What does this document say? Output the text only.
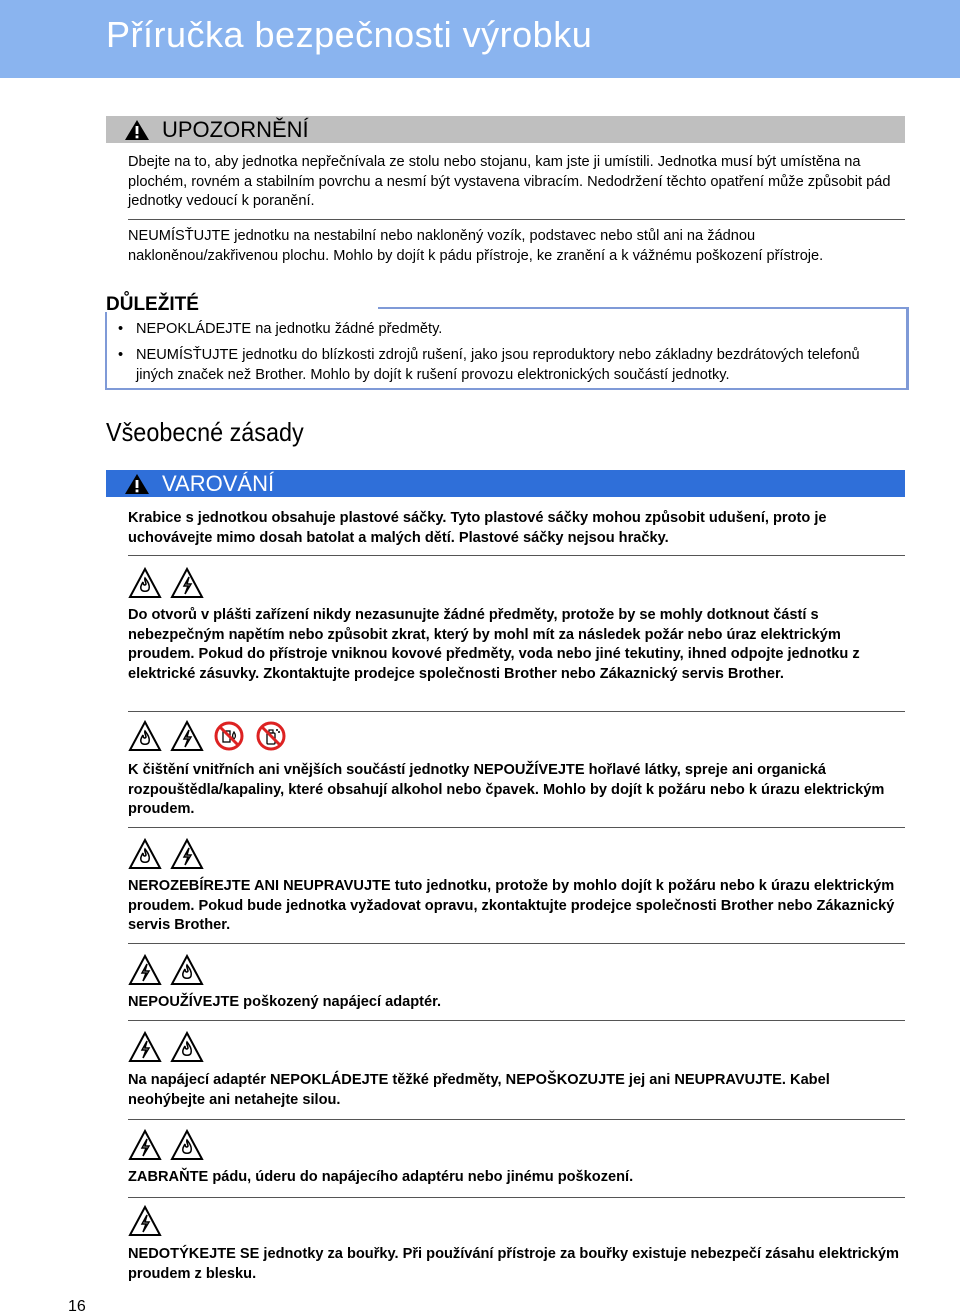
Příručka bezpečnosti výrobku
UPOZORNĚNÍ

Dbejte na to, aby jednotka nepřečnívala ze stolu nebo stojanu, kam jste ji umístili. Jednotka musí být umístěna na plochém, rovném a stabilním povrchu a nesmí být vystavena vibracím. Nedodržení těchto opatření může způsobit pád jednotky vedoucí k poranění.

NEUMÍSŤUJTE jednotku na nestabilní nebo nakloněný vozík, podstavec nebo stůl ani na žádnou nakloněnou/zakřivenou plochu. Mohlo by dojít k pádu přístroje, ke zranění a k vážnému poškození přístroje.

DŮLEŽITÉ
• NEPOKLÁDEJTE na jednotku žádné předměty.

• NEUMÍSŤUJTE jednotku do blízkosti zdrojů rušení, jako jsou reproduktory nebo základny bezdrátových telefonů jiných značek než Brother. Mohlo by dojít k rušení provozu elektronických součástí jednotky.

Všeobecné zásady
VAROVÁNÍ

Krabice s jednotkou obsahuje plastové sáčky. Tyto plastové sáčky mohou způsobit udušení, proto je uchovávejte mimo dosah batolat a malých dětí. Plastové sáčky nejsou hračky.

Do otvorů v plášti zařízení nikdy nezasunujte žádné předměty, protože by se mohly dotknout částí s nebezpečným napětím nebo způsobit zkrat, který by mohl mít za následek požár nebo úraz elektrickým proudem. Pokud do přístroje vniknou kovové předměty, voda nebo jiné tekutiny, ihned odpojte jednotku z elektrické zásuvky. Zkontaktujte prodejce společnosti Brother nebo Zákaznický servis Brother.

K čištění vnitřních ani vnějších součástí jednotky NEPOUŽÍVEJTE hořlavé látky, spreje ani organická rozpouštědla/kapaliny, které obsahují alkohol nebo čpavek. Mohlo by dojít k požáru nebo k úrazu elektrickým proudem.

NEROZEBÍREJTE ANI NEUPRAVUJTE tuto jednotku, protože by mohlo dojít k požáru nebo k úrazu elektrickým proudem. Pokud bude jednotka vyžadovat opravu, zkontaktujte prodejce společnosti Brother nebo Zákaznický servis Brother.

NEPOUŽÍVEJTE poškozený napájecí adaptér.

Na napájecí adaptér NEPOKLÁDEJTE těžké předměty, NEPOŠKOZUJTE jej ani NEUPRAVUJTE. Kabel neohýbejte ani netahejte silou.

ZABRAŇTE pádu, úderu do napájecího adaptéru nebo jinému poškození.

NEDOTÝKEJTE SE jednotky za bouřky. Při používání přístroje za bouřky existuje nebezpečí zásahu elektrickým proudem z blesku.

16
